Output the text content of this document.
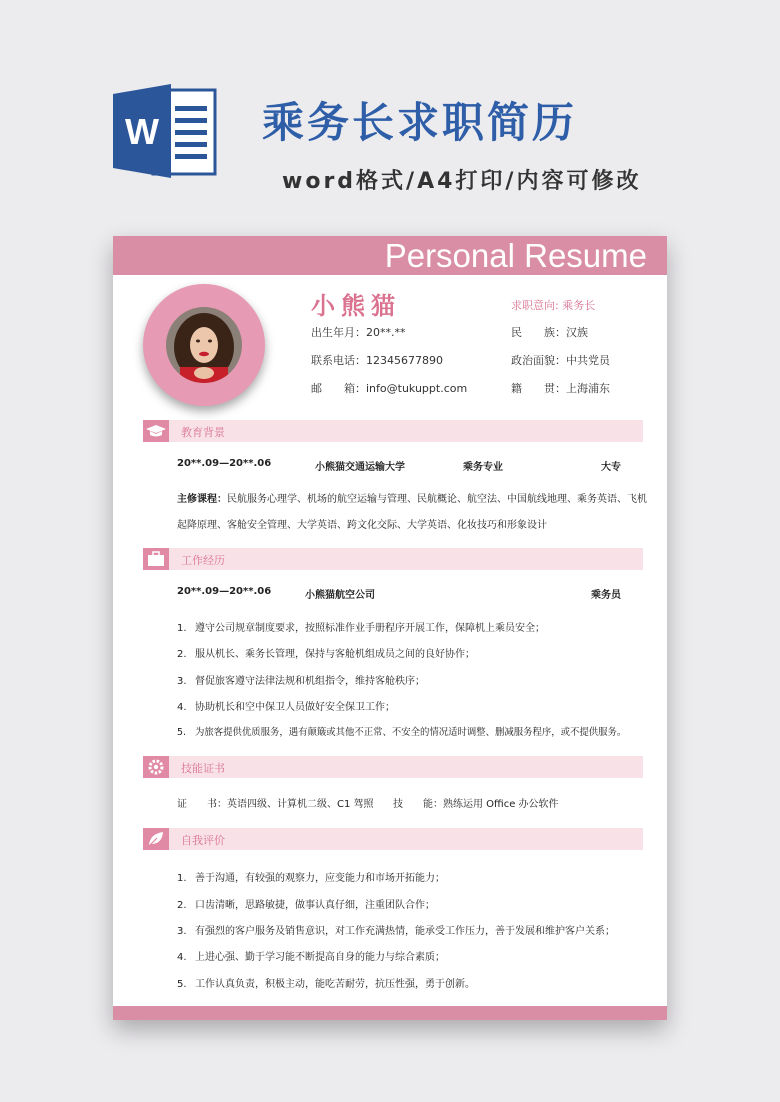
W 乘务长求职简历
word格式/A4打印/内容可修改
Personal Resume
小熊猫	求职意向: 乘务长
出生年月：20**.**
联系电话：12345677890
邮　　箱：info@tukuppt.com
民　　族：汉族
政治面貌：中共党员
籍　　贯：上海浦东
教育背景
20**.09—20**.06	小熊猫交通运输大学	乘务专业	大专
主修课程：民航服务心理学、机场的航空运输与管理、民航概论、航空法、中国航线地理、乘务英语、飞机
起降原理、客舱安全管理、大学英语、跨文化交际、大学英语、化妆技巧和形象设计
工作经历
20**.09—20**.06	小熊猫航空公司	乘务员
1. 遵守公司规章制度要求，按照标准作业手册程序开展工作，保障机上乘员安全；
2. 服从机长、乘务长管理，保持与客舱机组成员之间的良好协作；
3. 督促旅客遵守法律法规和机组指令，维持客舱秩序；
4. 协助机长和空中保卫人员做好安全保卫工作；
5. 为旅客提供优质服务，遇有颠簸或其他不正常、不安全的情况适时调整、删减服务程序，或不提供服务。
技能证书
证　　书：英语四级、计算机二级、C1 驾照 技　　能：熟练运用 Office 办公软件
自我评价
1. 善于沟通，有较强的观察力，应变能力和市场开拓能力；
2. 口齿清晰，思路敏捷，做事认真仔细，注重团队合作；
3. 有强烈的客户服务及销售意识，对工作充满热情，能承受工作压力，善于发展和维护客户关系；
4. 上进心强、勤于学习能不断提高自身的能力与综合素质；
5. 工作认真负责，积极主动，能吃苦耐劳，抗压性强，勇于创新。
